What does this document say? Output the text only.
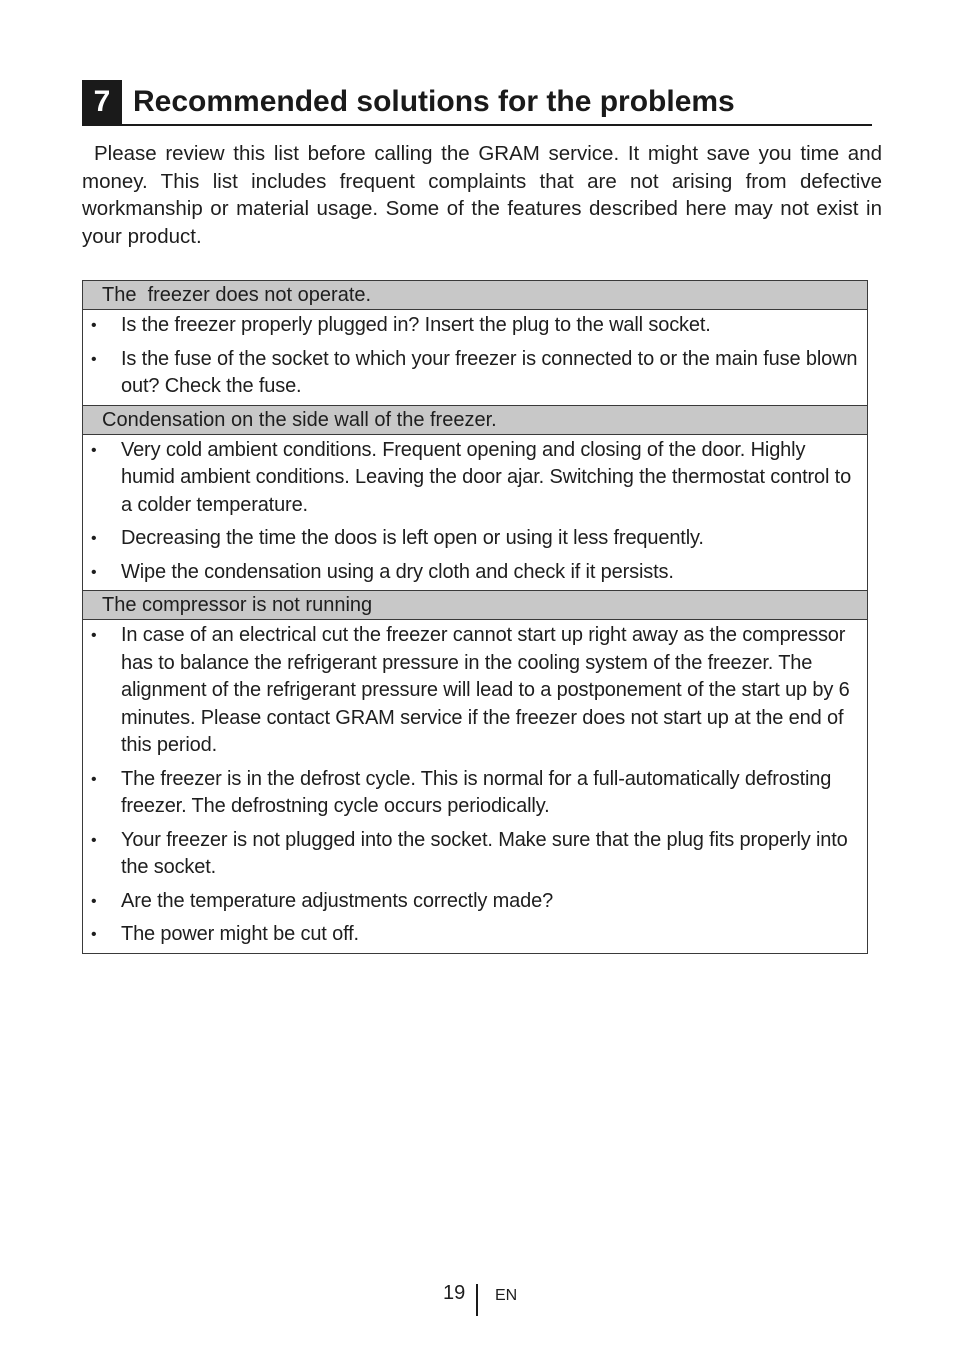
7 Recommended solutions for the problems

Please review this list before calling the GRAM service. It might save you time and money. This list includes frequent complaints that are not arising from defective workmanship or material usage. Some of the features described here may not exist in your product.

The  freezer does not operate.
• Is the freezer properly plugged in? Insert the plug to the wall socket.
• Is the fuse of the socket to which your freezer is connected to or the main fuse blown out? Check the fuse.
Condensation on the side wall of the freezer.
• Very cold ambient conditions. Frequent opening and closing of the door. Highly humid ambient conditions. Leaving the door ajar. Switching the thermostat control to a colder temperature.
• Decreasing the time the doos is left open or using it less frequently.
• Wipe the condensation using a dry cloth and check if it persists.
The compressor is not running
• In case of an electrical cut the freezer cannot start up right away as the compressor has to balance the refrigerant pressure in the cooling system of the freezer. The alignment of the refrigerant pressure will lead to a postponement of the start up by 6 minutes. Please contact GRAM service if the freezer does not start up at the end of this period.
• The freezer is in the defrost cycle. This is normal for a full-automatically defrosting freezer. The defrostning cycle occurs periodically.
• Your freezer is not plugged into the socket. Make sure that the plug fits properly into the socket.
• Are the temperature adjustments correctly made?
• The power might be cut off.
19 EN
